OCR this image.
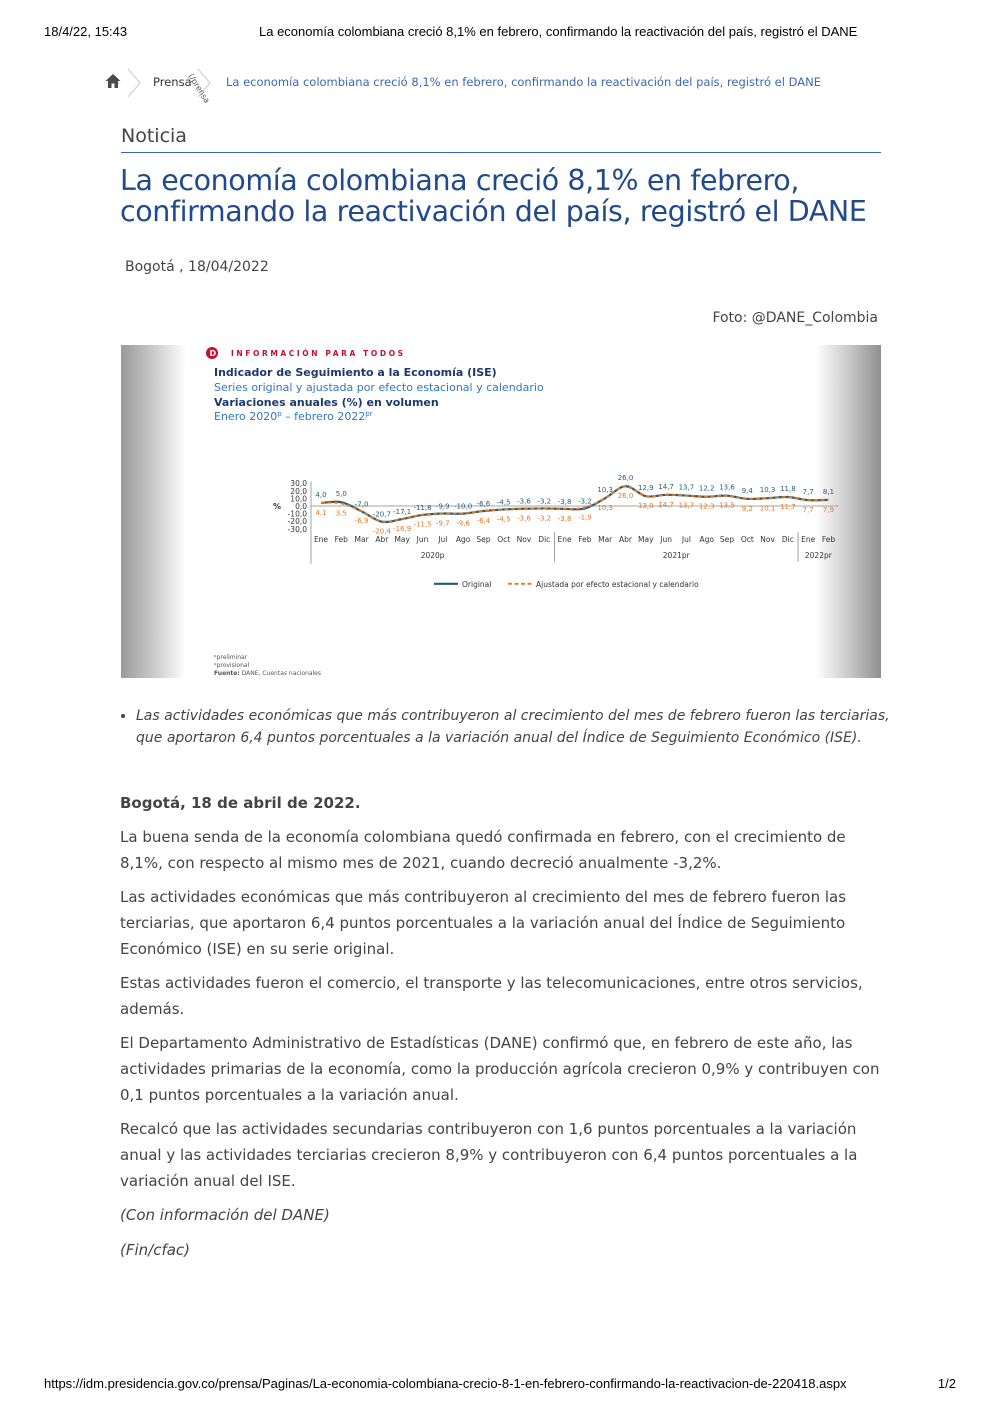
18/4/22, 15:43	La economía colombiana creció 8,1% en febrero, confirmando la reactivación del país, registró el DANE
Prensa
(/prensa La economía colombiana creció 8,1% en febrero, confirmando la reactivación del país, registró el DANE
Noticia
La economía colombiana creció 8,1% en febrero, confirmando la reactivación del país, registró el DANE
Bogotá , 18/04/2022
Foto: @DANE_Colombia
D INFORMACIÓN PARA TODOS
Indicador de Seguimiento a la Economía (ISE)
Series original y ajustada por efecto estacional y calendario
Variaciones anuales (%) en volumen
Enero 2020$^p$ – febrero $2022^{pr}$
30,0
20,0
10,0
0,0
-10,0
-20,0
-30,0
%
Ene Feb Mar Abr May Jun Jul Ago Sep Oct Nov Dic Ene Feb Mar Abr May Jun Jul Ago Sep Oct Nov Dic Ene Feb
2020p	2021pr	2022pr
4,0 5,0
-7,0
-20,7 -17,1
-11,8 -9,9 -10,0 -6,6 -4,5 -3,6 -3,2 -3,8 -3,2
10,3
26,0
12,9 14,7 13,7 12,2 13,6 9,4 10,3 11,8 7,7 8,1
4,1 3,5
-6,9
-20,4 -16,9
-11,5 -9,7 -9,6 -6,4 -4,5 -3,6 -3,2 -3,8 -1,9
10,3
26,0
13,0 14,7 13,7 12,3 13,5 9,2 10,1 11,7 7,7 7,9
Original	Ajustada por efecto estacional y calendario
ᵖpreliminar
ᵖprovisional
Fuente: DANE, Cuentas nacionales
• Las actividades económicas que más contribuyeron al crecimiento del mes de febrero fueron las terciarias, que aportaron 6,4 puntos porcentuales a la variación anual del Índice de Seguimiento Económico (ISE).

Bogotá, 18 de abril de 2022.

La buena senda de la economía colombiana quedó confirmada en febrero, con el crecimiento de 8,1%, con respecto al mismo mes de 2021, cuando decreció anualmente -3,2%.

Las actividades económicas que más contribuyeron al crecimiento del mes de febrero fueron las terciarias, que aportaron 6,4 puntos porcentuales a la variación anual del Índice de Seguimiento Económico (ISE) en su serie original.

Estas actividades fueron el comercio, el transporte y las telecomunicaciones, entre otros servicios, además.

El Departamento Administrativo de Estadísticas (DANE) confirmó que, en febrero de este año, las actividades primarias de la economía, como la producción agrícola crecieron 0,9% y contribuyen con 0,1 puntos porcentuales a la variación anual.

Recalcó que las actividades secundarias contribuyeron con 1,6 puntos porcentuales a la variación anual y las actividades terciarias crecieron 8,9% y contribuyeron con 6,4 puntos porcentuales a la variación anual del ISE.

(Con información del DANE)

(Fin/cfac)

https://idm.presidencia.gov.co/prensa/Paginas/La-economia-colombiana-crecio-8-1-en-febrero-confirmando-la-reactivacion-de-220418.aspx	1/2
